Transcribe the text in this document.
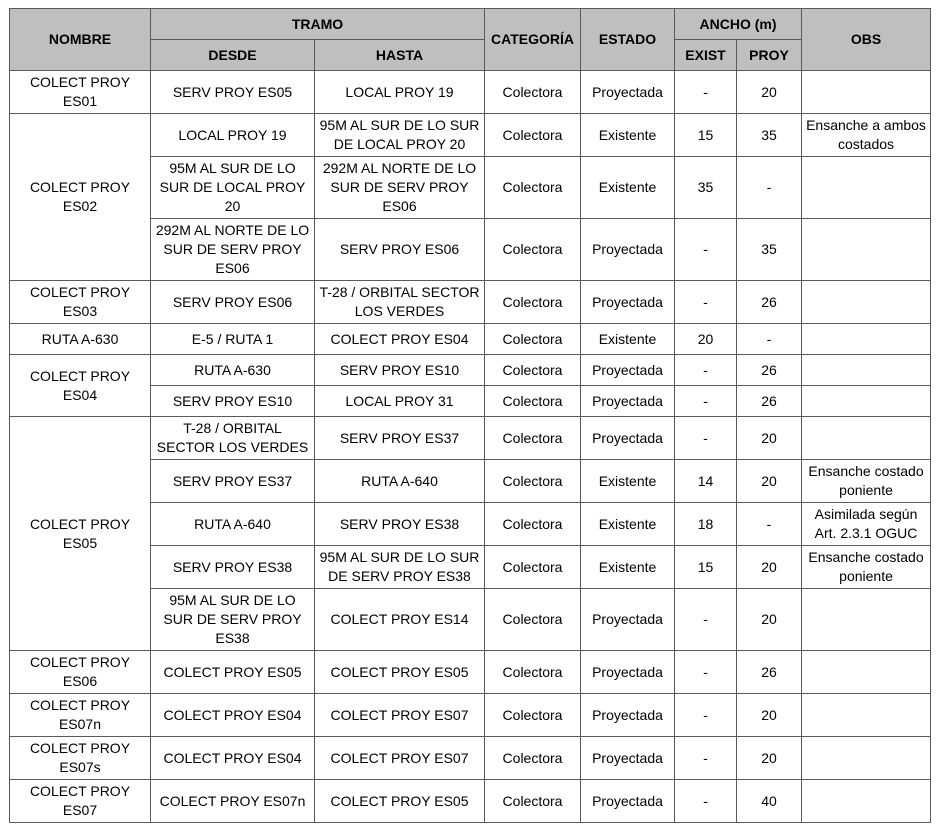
NOMBRE	TRAMO		CATEGORÍA	ESTADO	ANCHO (m)		OBS
	DESDE	HASTA			EXIST	PROY	
COLECT PROY ES01	SERV PROY ES05	LOCAL PROY 19	Colectora	Proyectada	-	20	
COLECT PROY ES02	LOCAL PROY 19	95M AL SUR DE LO SUR DE LOCAL PROY 20	Colectora	Existente	15	35	Ensanche a ambos costados
	95M AL SUR DE LO SUR DE LOCAL PROY 20	292M AL NORTE DE LO SUR DE SERV PROY ES06	Colectora	Existente	35	-	
	292M AL NORTE DE LO SUR DE SERV PROY ES06	SERV PROY ES06	Colectora	Proyectada	-	35	
COLECT PROY ES03	SERV PROY ES06	T-28 / ORBITAL SECTOR LOS VERDES	Colectora	Proyectada	-	26	
RUTA A-630	E-5 / RUTA 1	COLECT PROY ES04	Colectora	Existente	20	-	
COLECT PROY ES04	RUTA A-630	SERV PROY ES10	Colectora	Proyectada	-	26	
	SERV PROY ES10	LOCAL PROY 31	Colectora	Proyectada	-	26	
COLECT PROY ES05	T-28 / ORBITAL SECTOR LOS VERDES	SERV PROY ES37	Colectora	Proyectada	-	20	
	SERV PROY ES37	RUTA A-640	Colectora	Existente	14	20	Ensanche costado poniente
	RUTA A-640	SERV PROY ES38	Colectora	Existente	18	-	Asimilada según Art. 2.3.1 OGUC
	SERV PROY ES38	95M AL SUR DE LO SUR DE SERV PROY ES38	Colectora	Existente	15	20	Ensanche costado poniente
	95M AL SUR DE LO SUR DE SERV PROY ES38	COLECT PROY ES14	Colectora	Proyectada	-	20	
COLECT PROY ES06	COLECT PROY ES05	COLECT PROY ES05	Colectora	Proyectada	-	26	
COLECT PROY ES07n	COLECT PROY ES04	COLECT PROY ES07	Colectora	Proyectada	-	20	
COLECT PROY ES07s	COLECT PROY ES04	COLECT PROY ES07	Colectora	Proyectada	-	20	
COLECT PROY ES07	COLECT PROY ES07n	COLECT PROY ES05	Colectora	Proyectada	-	40	
